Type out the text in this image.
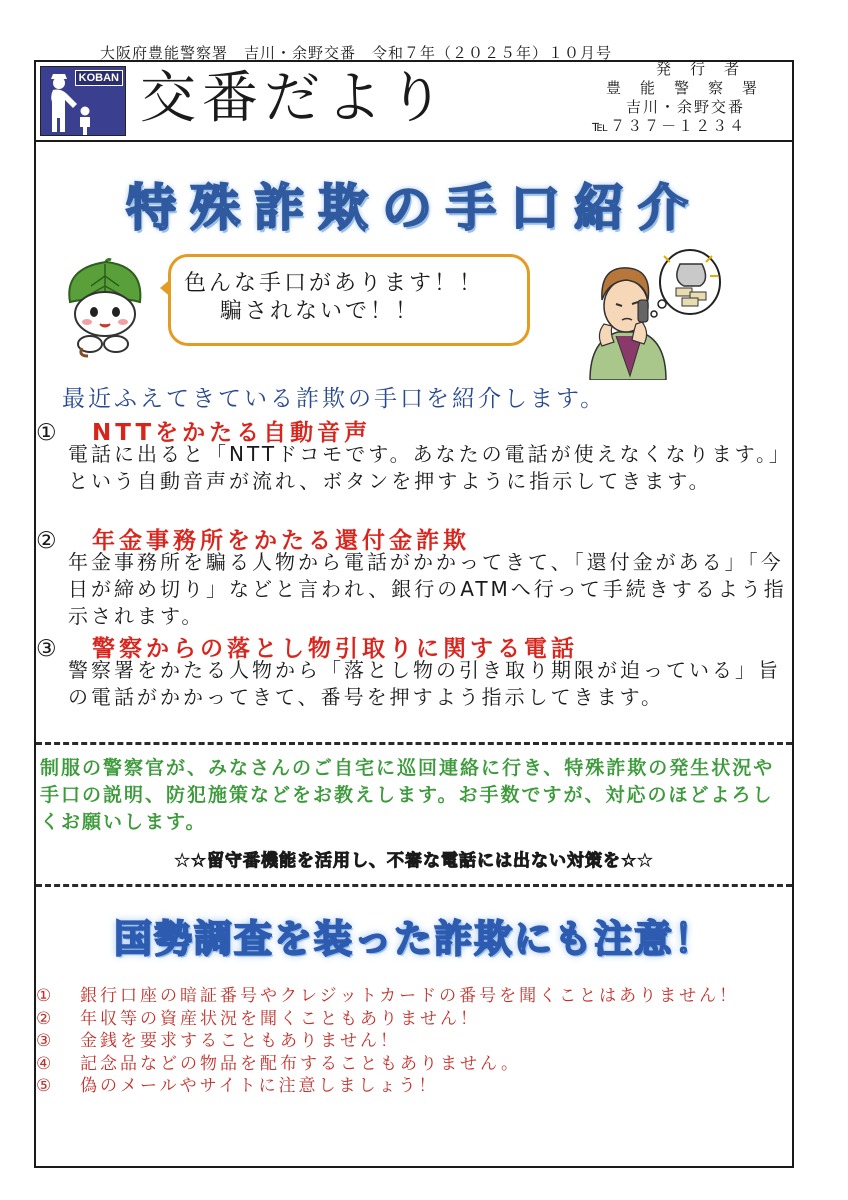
大阪府豊能警察署　吉川・余野交番　令和７年（２０２５年）１０月号
KOBAN 交番だより	発　行　者
豊　能　警　察　署
吉川・余野交番
℡７３７－１２３４
特殊詐欺の手口紹介
色んな手口があります！！
騙されないで！！
最近ふえてきている詐欺の手口を紹介します。
① NTTをかたる自動音声
電話に出ると「NTTドコモです。あなたの電話が使えなくなります。」という自動音声が流れ、ボタンを押すように指示してきます。
② 年金事務所をかたる還付金詐欺
年金事務所を騙る人物から電話がかかってきて、「還付金がある」「今日が締め切り」などと言われ、銀行のATMへ行って手続きするよう指示されます。
③ 警察からの落とし物引取りに関する電話
警察署をかたる人物から「落とし物の引き取り期限が迫っている」旨の電話がかかってきて、番号を押すよう指示してきます。
制服の警察官が、みなさんのご自宅に巡回連絡に行き、特殊詐欺の発生状況や手口の説明、防犯施策などをお教えします。お手数ですが、対応のほどよろしくお願いします。
★☆留守番機能を活用し、不審な電話には出ない対策を☆★
国勢調査を装った詐欺にも注意！
① 銀行口座の暗証番号やクレジットカードの番号を聞くことはありません！
② 年収等の資産状況を聞くこともありません！
③ 金銭を要求することもありません！
④ 記念品などの物品を配布することもありません。
⑤ 偽のメールやサイトに注意しましょう！
